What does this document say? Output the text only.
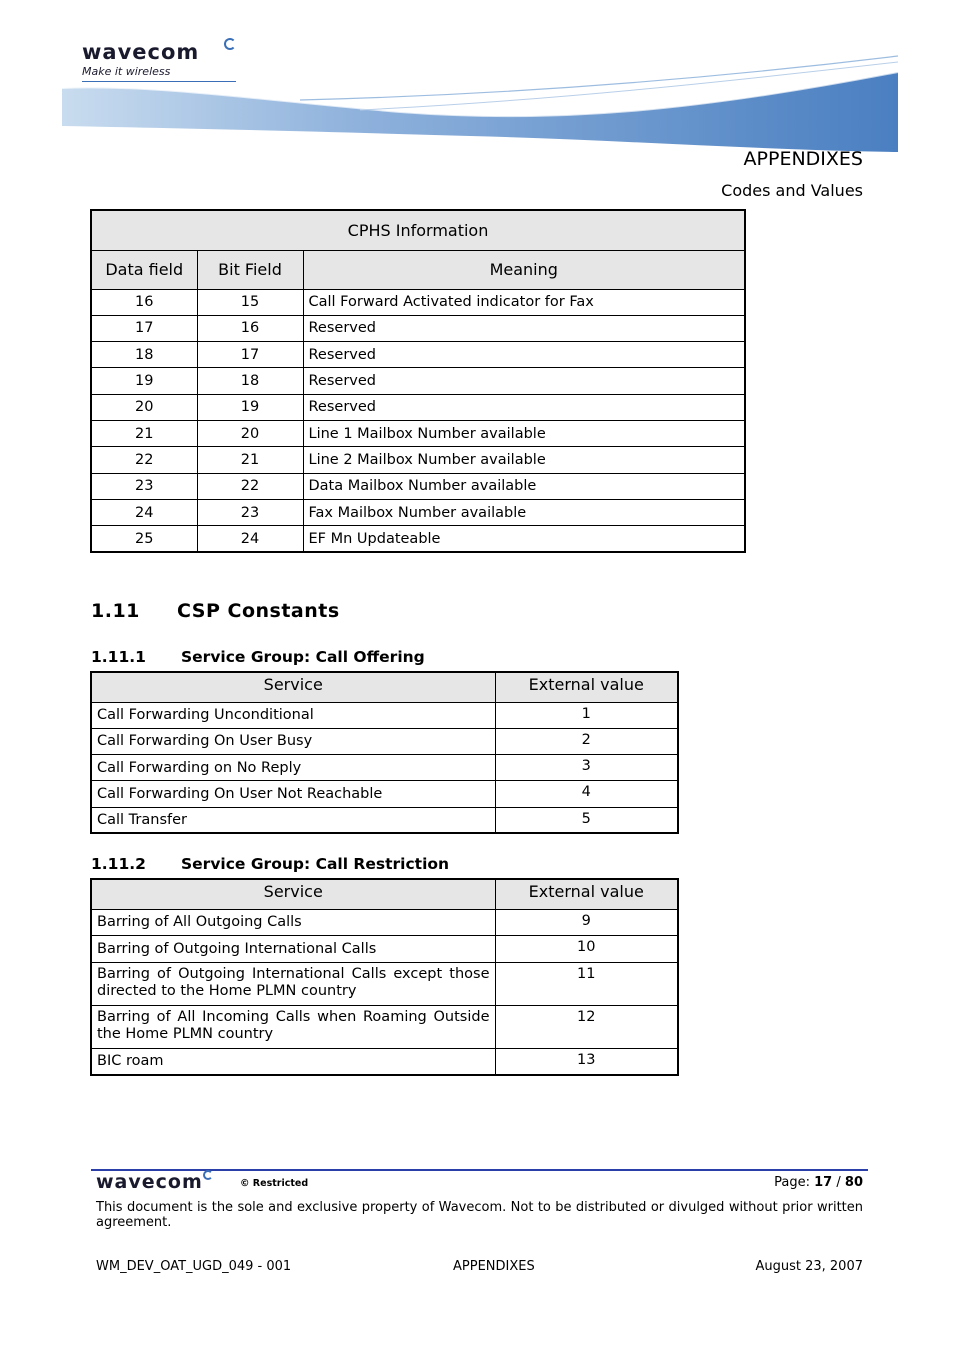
wavecom
Make it wireless
APPENDIXES
Codes and Values
CPHS Information		
Data field	Bit Field	Meaning
16	15	Call Forward Activated indicator for Fax
17	16	Reserved
18	17	Reserved
19	18	Reserved
20	19	Reserved
21	20	Line 1 Mailbox Number available
22	21	Line 2 Mailbox Number available
23	22	Data Mailbox Number available
24	23	Fax Mailbox Number available
25	24	EF Mn Updateable
1.11 CSP Constants
1.11.1 Service Group: Call Offering
Service	External value
Call Forwarding Unconditional	1
Call Forwarding On User Busy	2
Call Forwarding on No Reply	3
Call Forwarding On User Not Reachable	4
Call Transfer	5
1.11.2 Service Group: Call Restriction
Service	External value
Barring of All Outgoing Calls	9
Barring of Outgoing International Calls	10
Barring of Outgoing International Calls except those directed to the Home PLMN country	11
Barring of All Incoming Calls when Roaming Outside the Home PLMN country	12
BIC roam	13
wavecom	© Restricted	Page: 17 / 80
This document is the sole and exclusive property of Wavecom. Not to be distributed or divulged without prior written agreement.
WM_DEV_OAT_UGD_049 - 001	APPENDIXES	August 23, 2007
